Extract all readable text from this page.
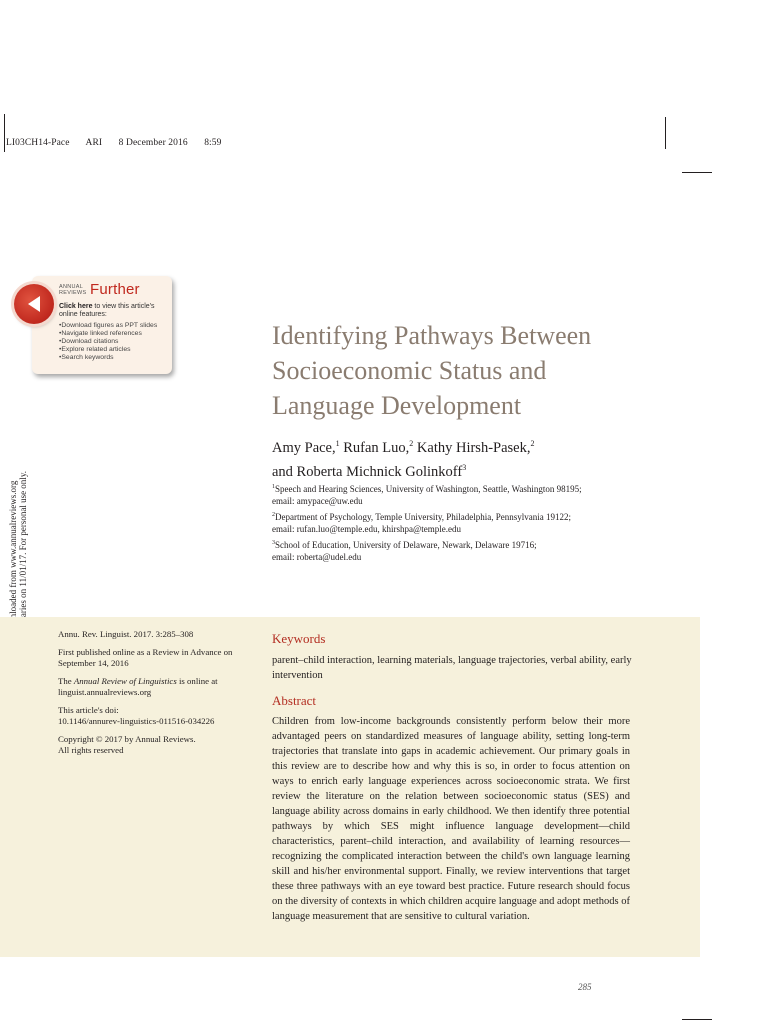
LI03CH14-Pace ARI 8 December 2016 8:59
ANNUAL
REVIEWS Further
Click here to view this article's online features:
• Download figures as PPT slides
• Navigate linked references
• Download citations
• Explore related articles
• Search keywords
Identifying Pathways Between
Socioeconomic Status and
Language Development
Amy Pace,$^1$ Rufan Luo,$^2$ Kathy Hirsh-Pasek,$^2$
and Roberta Michnick Golinkoff$^3$

$^1$Speech and Hearing Sciences, University of Washington, Seattle, Washington 98195;
email: amypace@uw.edu

$^2$Department of Psychology, Temple University, Philadelphia, Pennsylvania 19122;
email: rufan.luo@temple.edu, khirshpa@temple.edu

$^3$School of Education, University of Delaware, Newark, Delaware 19716;
email: roberta@udel.edu

Annu. Rev. Linguist. 2017. 3:285–308

First published online as a Review in Advance on September 14, 2016

The Annual Review of Linguistics is online at linguist.annualreviews.org

This article's doi:
10.1146/annurev-linguistics-011516-034226

Copyright © 2017 by Annual Reviews.
All rights reserved

Keywords
parent–child interaction, learning materials, language trajectories, verbal ability, early intervention
Abstract
Children from low-income backgrounds consistently perform below their more advantaged peers on standardized measures of language ability, setting long-term trajectories that translate into gaps in academic achievement. Our primary goals in this review are to describe how and why this is so, in order to focus attention on ways to enrich early language experiences across socioeconomic strata. We first review the literature on the relation between socioeconomic status (SES) and language ability across domains in early childhood. We then identify three potential pathways by which SES might influence language development—child characteristics, parent–child interaction, and availability of learning resources—recognizing the complicated interaction between the child's own language learning skill and his/her environmental support. Finally, we review interventions that target these three pathways with an eye toward best practice. Future research should focus on the diversity of contexts in which children acquire language and adopt methods of language measurement that are sensitive to cultural variation.
285
